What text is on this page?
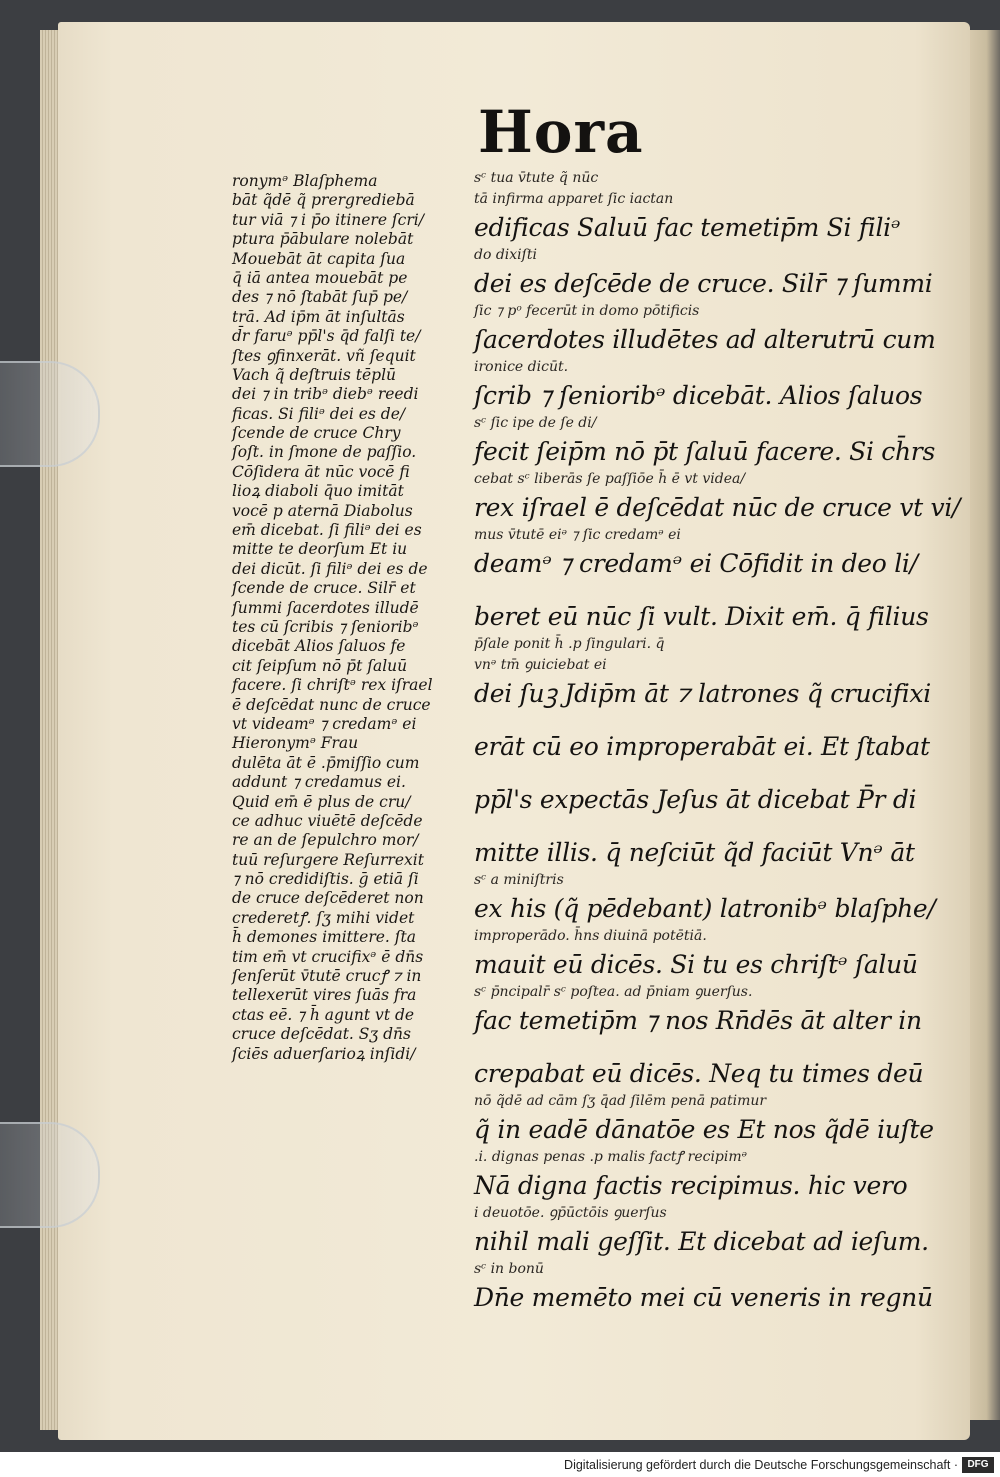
Hora
ronymᵊ Blaſphema
bāt q̃dē q̃ prergrediebā
tur viā ⁊ i p̄o itinere ſcri/
ptura p̄ābulare nolebāt
Mouebāt āt capita ſua
q̄ iā antea mouebāt pe
des ⁊ nō ſtabāt ſup̄ pe/
trā. Ad ip̄m āt inſultās
d̄r faruᵊ pp̄l's q̄d falſi te/
ſtes ꝯfinxerāt. vñ ſequit
Vach q̃ deſtruis tēplū
dei ⁊ in tribᵊ diebᵊ reedi
ficas. Si filiᵊ dei es de/
ſcende de cruce Chry
ſoſt. in ſmone de paſſio.
Cōſidera āt nūc vocē fi
lioꝝ diaboli q̄uo imitāt
vocē p aternā Diabolus
em̄ dicebat. ſi filiᵊ dei es
mitte te deorſum Et iu
dei dicūt. ſi filiᵊ dei es de
ſcende de cruce. Silr̄ et
ſummi ſacerdotes illudē
tes cū ſcribis ⁊ ſenioribᵊ
dicebāt Alios ſaluos fe
cit ſeipſum nō p̄t ſaluū
facere. ſi chriſtᵊ rex iſrael
ē deſcēdat nunc de cruce
vt videamᵊ ⁊ credamᵊ ei
Hieronymᵊ Frau
dulēta āt ē .p̄miſſio cum
addunt ⁊ credamus ei.
Quid em̄ ē plus de cru/
ce adhuc viuētē deſcēde
re an de ſepulchro mor/
tuū reſurgere Reſurrexit
⁊ nō credidiſtis. ḡ etiā ſi
de cruce deſcēderet non
crederetꝭ. ſʒ mihi videt
h̄ demones imittere. ſta
tim em̄ vt crucifixᵊ ē dn̄s
ſenſerūt v̄tutē crucꝭ ⁊ in
tellexerūt vires ſuās fra
ctas eē. ⁊ h̄ agunt vt de
cruce deſcēdat. Sʒ dn̄s
ſciēs aduerſarioꝝ inſidi/
sᶜ tua v̄tute q̃ nūc
tā infirma apparet ſic iactan
edificas Saluū fac temetip̄m Si filiᵊ
do dixiſti
dei es deſcēde de cruce. Silr̄ ⁊ ſummi
ſic ⁊ pᵒ fecerūt in domo pōtificis
ſacerdotes illudētes ad alterutrū cum
ironice dicūt.
ſcrib ⁊ ſenioribᵊ dicebāt. Alios ſaluos
sᶜ ſic ipe de ſe di/
fecit ſeip̄m nō p̄t ſaluū facere. Si ch̄rs
cebat sᶜ liberās ſe paſſiōe h̄ ē vt videa/
rex iſrael ē deſcēdat nūc de cruce vt vi/
mus v̄tutē eiᵊ ⁊ ſic credamᵊ ei
deamᵊ ⁊ credamᵊ ei Cōfidit in deo li/
beret eū nūc ſi vult. Dixit em̄. q̄ filius
p̄ſale ponit h̄ .p ſingulari. q̄
vnᵊ tm̄ ꝯuiciebat ei
dei ſuꝫ Jdip̄m āt ⁊ latrones q̃ crucifixi
erāt cū eo improperabāt ei. Et ſtabat
pp̄l's expectās Jeſus āt dicebat P̄r di
mitte illis. q̄ neſciūt q̃d faciūt Vnᵊ āt
sᶜ a miniſtris
ex his (q̃ pēdebant) latronibᵊ blaſphe/
improperādo. h̄ns diuinā potētiā.
mauit eū dicēs. Si tu es chriſtᵊ ſaluū
sᶜ p̄ncipalr̄ sᶜ poſtea. ad p̄niam ꝯuerſus.
fac temetip̄m ⁊ nos Rn̄dēs āt alter in
crepabat eū dicēs. Neq tu times deū
nō q̃dē ad cām ſʒ q̄ad ſilēm penā patimur
q̃ in eadē dānatōe es Et nos q̃dē iuſte
.i. dignas penas .p malis factꝭ recipimᵊ
Nā digna factis recipimus. hic vero
i deuotōe. ꝯp̄ūctōis ꝯuerſus
nihil mali geſſit. Et dicebat ad ieſum.
sᶜ in bonū
Dn̄e memēto mei cū veneris in regnū

Digitalisierung gefördert durch die Deutsche Forschungsgemeinschaft · DFG
